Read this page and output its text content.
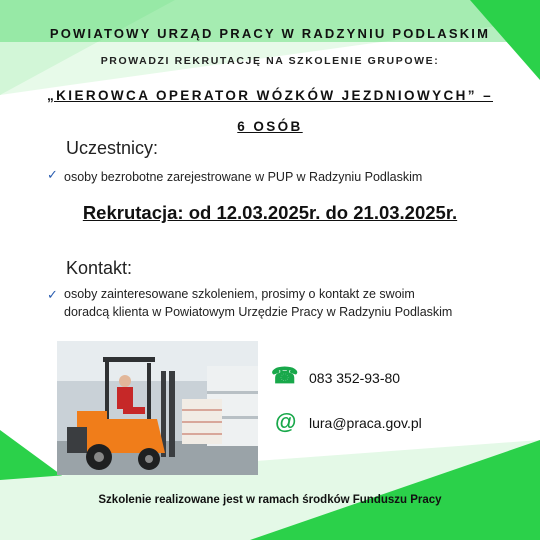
POWIATOWY URZĄD PRACY W RADZYNIU PODLASKIM
PROWADZI REKRUTACJĘ NA SZKOLENIE GRUPOWE:
„KIEROWCA OPERATOR WÓZKÓW JEZDNIOWYCH” –
6 OSÓB
Uczestnicy:
✓ osoby bezrobotne zarejestrowane w PUP w Radzyniu Podlaskim
Rekrutacja: od 12.03.2025r. do 21.03.2025r.
Kontakt:
✓ osoby zainteresowane szkoleniem, prosimy o kontakt ze swoim
doradcą klienta w Powiatowym Urzędzie Pracy w Radzyniu Podlaskim
☎ 083 352-93-80
@ lura@praca.gov.pl
Szkolenie realizowane jest w ramach środków Funduszu Pracy
